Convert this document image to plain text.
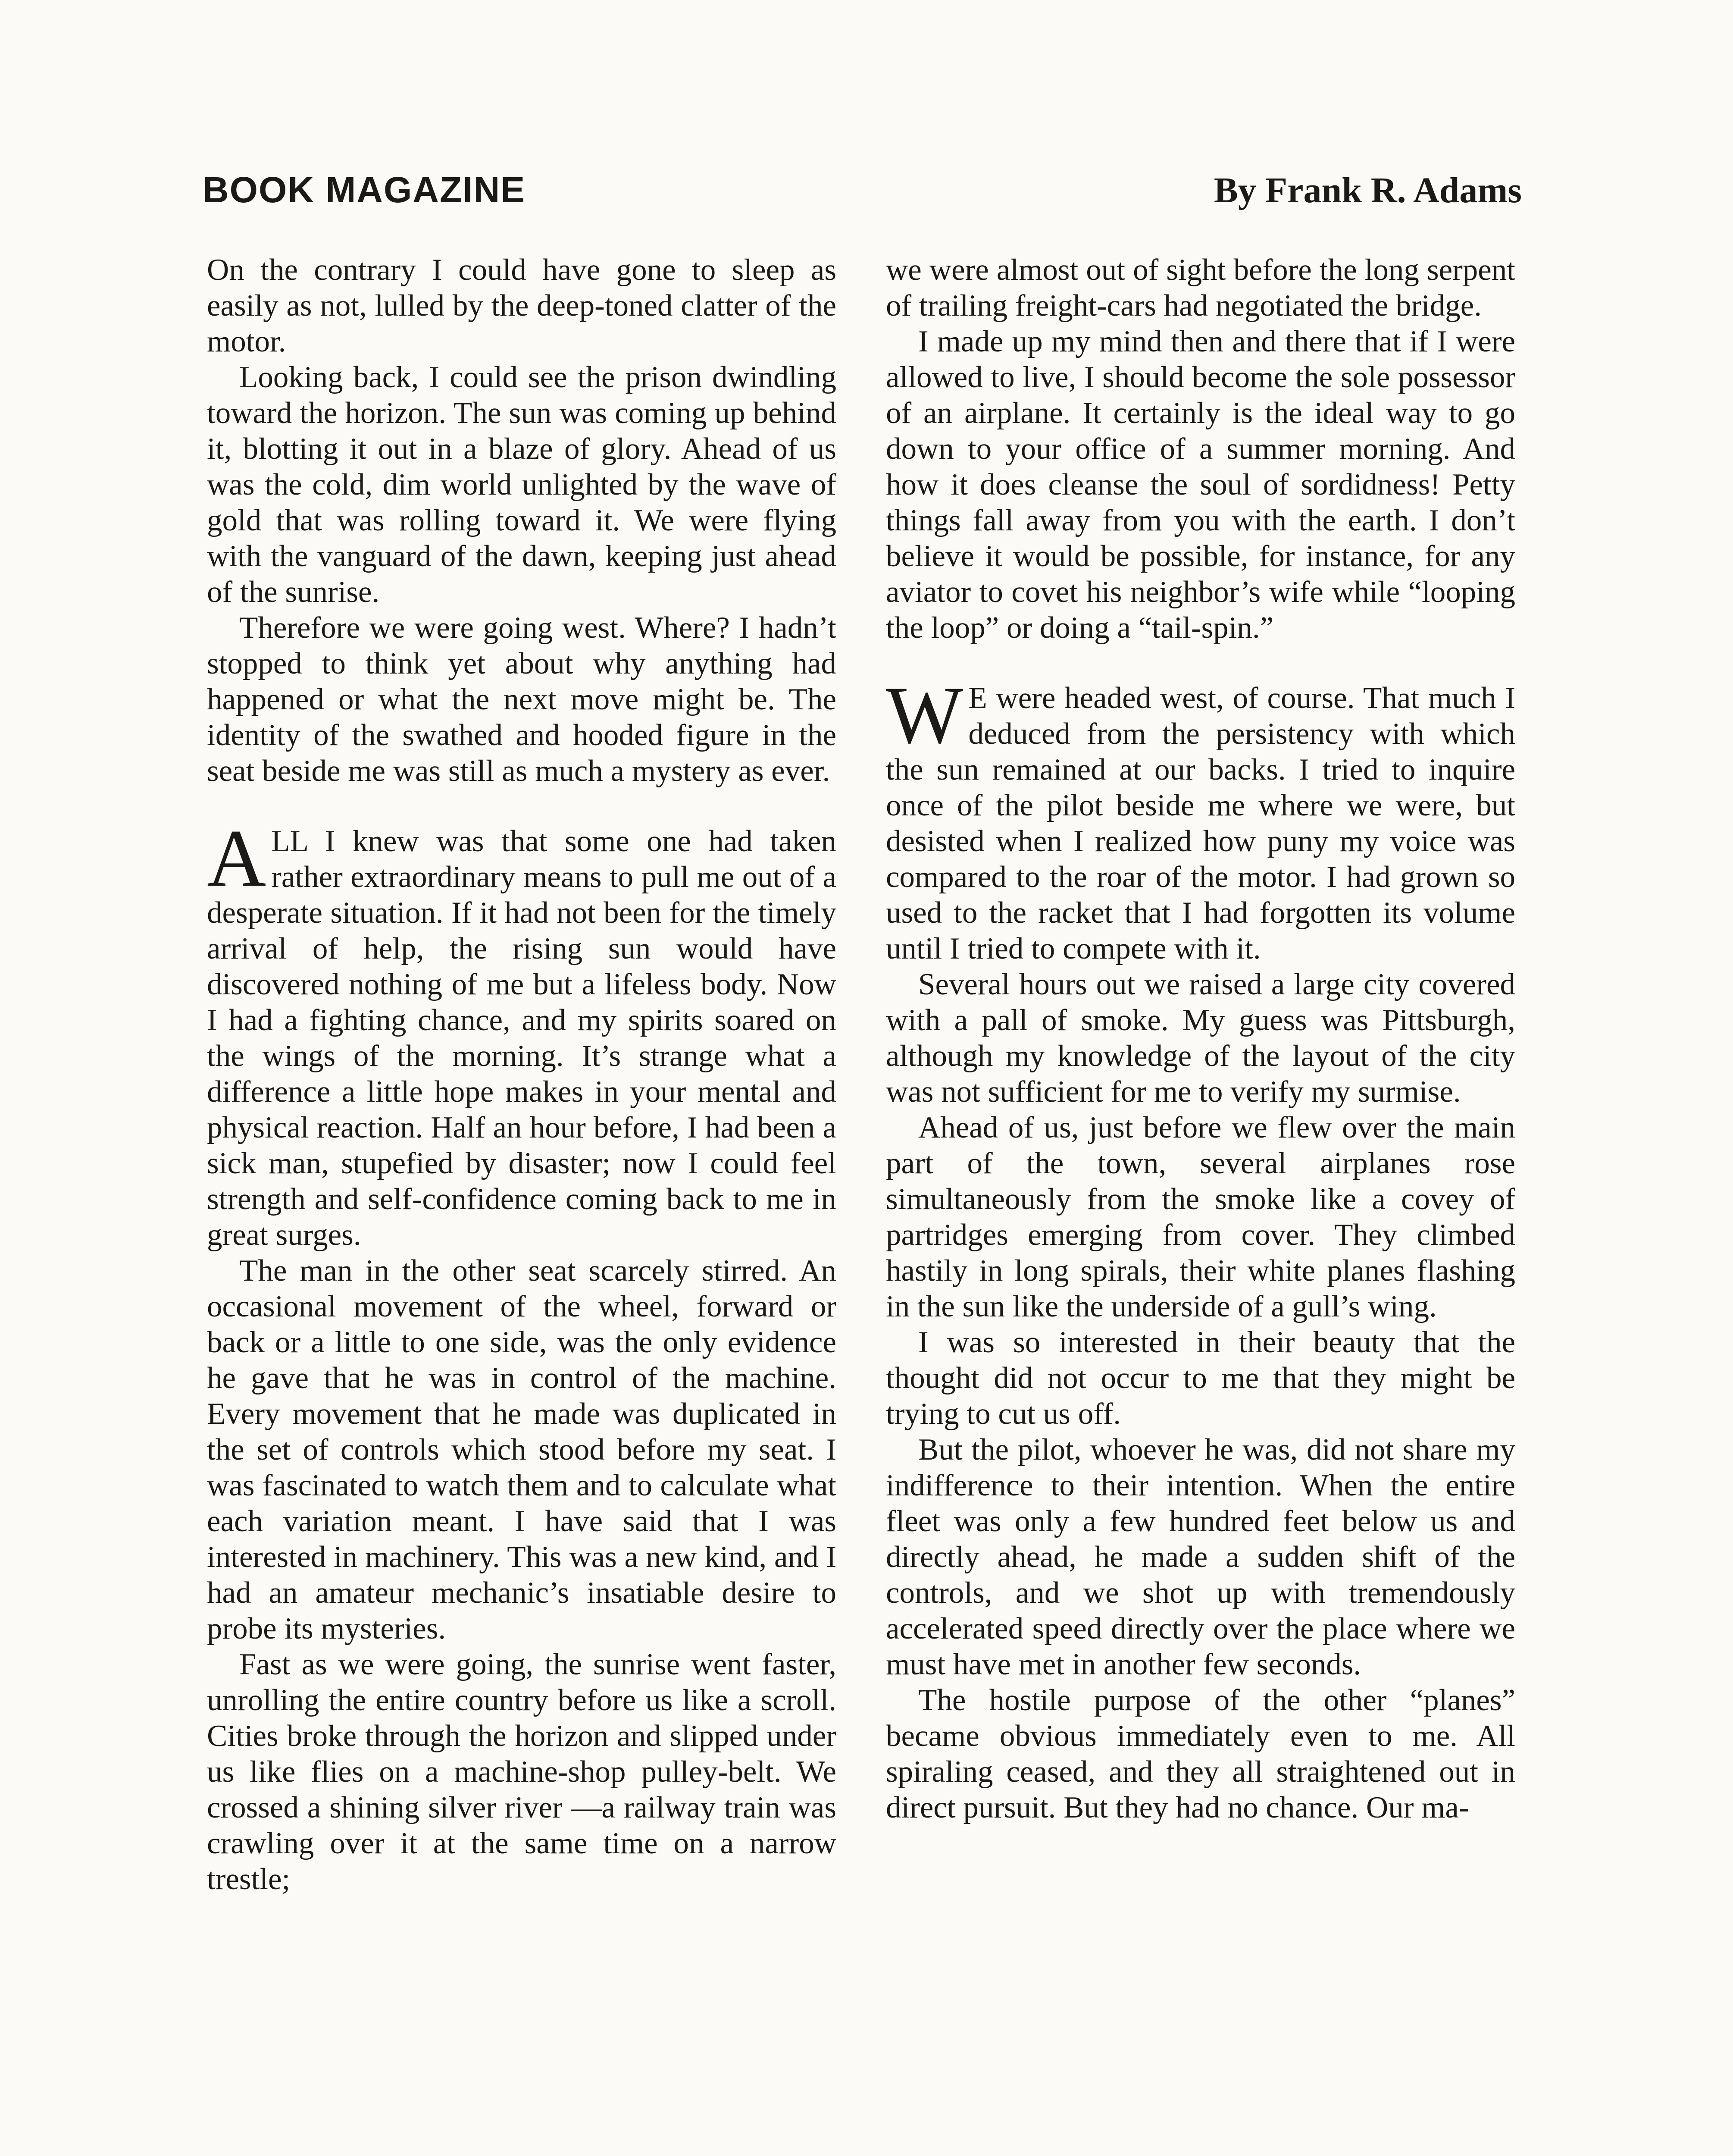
BOOK MAGAZINE	By Frank R. Adams

On the contrary I could have gone to sleep as easily as not, lulled by the deep-toned clatter of the motor.

Looking back, I could see the prison dwindling toward the horizon. The sun was coming up behind it, blotting it out in a blaze of glory. Ahead of us was the cold, dim world unlighted by the wave of gold that was rolling toward it. We were flying with the vanguard of the dawn, keeping just ahead of the sunrise.

Therefore we were going west. Where? I hadn’t stopped to think yet about why anything had happened or what the next move might be. The identity of the swathed and hooded figure in the seat beside me was still as much a mystery as ever.

ALL I knew was that some one had taken rather extraordinary means to pull me out of a desperate situation. If it had not been for the timely arrival of help, the rising sun would have discovered nothing of me but a lifeless body. Now I had a fighting chance, and my spirits soared on the wings of the morning. It’s strange what a difference a little hope makes in your mental and physical reaction. Half an hour before, I had been a sick man, stupefied by disaster; now I could feel strength and self-confidence coming back to me in great surges.

The man in the other seat scarcely stirred. An occasional movement of the wheel, forward or back or a little to one side, was the only evidence he gave that he was in control of the machine. Every movement that he made was duplicated in the set of controls which stood before my seat. I was fascinated to watch them and to calculate what each variation meant. I have said that I was interested in machinery. This was a new kind, and I had an amateur mechanic’s insatiable desire to probe its mysteries.

Fast as we were going, the sunrise went faster, unrolling the entire country before us like a scroll. Cities broke through the horizon and slipped under us like flies on a machine-shop pulley-belt. We crossed a shining silver river —a railway train was crawling over it at the same time on a narrow trestle;

we were almost out of sight before the long serpent of trailing freight-cars had negotiated the bridge.

I made up my mind then and there that if I were allowed to live, I should become the sole possessor of an airplane. It certainly is the ideal way to go down to your office of a summer morning. And how it does cleanse the soul of sordidness! Petty things fall away from you with the earth. I don’t believe it would be possible, for instance, for any aviator to covet his neighbor’s wife while “looping the loop” or doing a “tail-spin.”

W E were headed west, of course. That much I deduced from the persistency with which the sun remained at our backs. I tried to inquire once of the pilot beside me where we were, but desisted when I realized how puny my voice was compared to the roar of the motor. I had grown so used to the racket that I had forgotten its volume until I tried to compete with it.

Several hours out we raised a large city covered with a pall of smoke. My guess was Pittsburgh, although my knowledge of the layout of the city was not sufficient for me to verify my surmise.

Ahead of us, just before we flew over the main part of the town, several airplanes rose simultaneously from the smoke like a covey of partridges emerging from cover. They climbed hastily in long spirals, their white planes flashing in the sun like the underside of a gull’s wing.

I was so interested in their beauty that the thought did not occur to me that they might be trying to cut us off.

But the pilot, whoever he was, did not share my indifference to their intention. When the entire fleet was only a few hundred feet below us and directly ahead, he made a sudden shift of the controls, and we shot up with tremendously accelerated speed directly over the place where we must have met in another few seconds.

The hostile purpose of the other “planes” became obvious immediately even to me. All spiraling ceased, and they all straightened out in direct pursuit. But they had no chance. Our ma-
